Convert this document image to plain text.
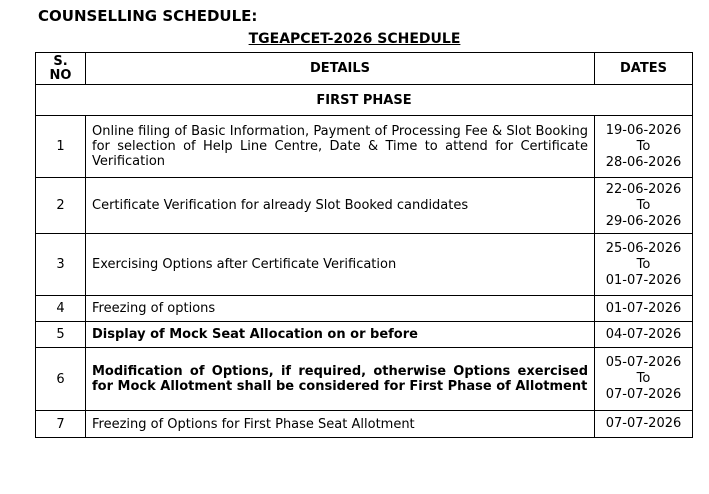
COUNSELLING SCHEDULE:
TGEAPCET-2026 SCHEDULE
S.
NO	DETAILS	DATES
FIRST PHASE		
1	Online filing of Basic Information, Payment of Processing Fee & Slot Booking for selection of Help Line Centre, Date & Time to attend for Certificate Verification	19-06-2026
To
28-06-2026

2	Certificate Verification for already Slot Booked candidates	22-06-2026
To
29-06-2026

3	Exercising Options after Certificate Verification	25-06-2026
To
01-07-2026

4	Freezing of options	01-07-2026
5	Display of Mock Seat Allocation on or before	04-07-2026
6	Modification of Options, if required, otherwise Options exercised for Mock Allotment shall be considered for First Phase of Allotment	05-07-2026
To
07-07-2026

7	Freezing of Options for First Phase Seat Allotment	07-07-2026
